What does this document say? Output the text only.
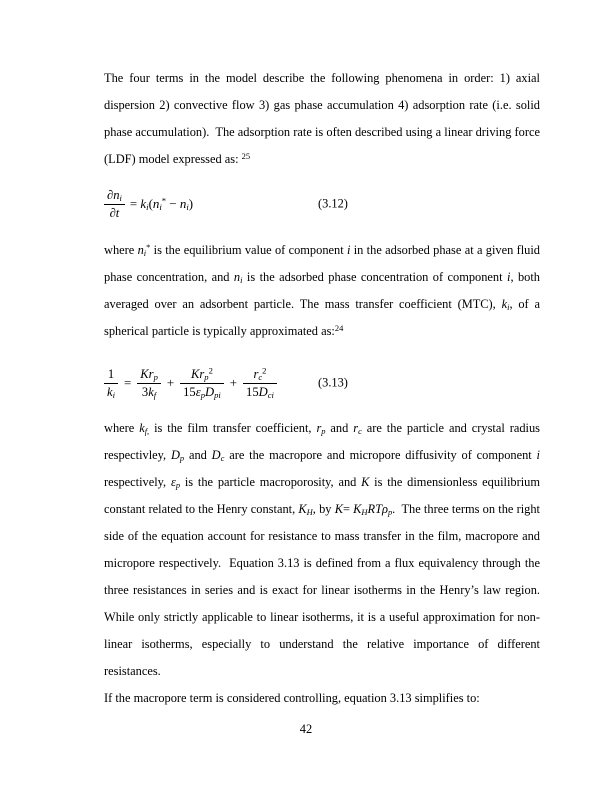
The four terms in the model describe the following phenomena in order: 1) axial
dispersion 2) convective flow 3) gas phase accumulation 4) adsorption rate (i.e. solid
phase accumulation).  The adsorption rate is often described using a linear driving force
(LDF) model expressed as: $^{25}$
$\frac{\partial n_i}{\partial t} = k_i(n_i^* - n_i)$	(3.12)
where $n_i^*$ is the equilibrium value of component i in the adsorbed phase at a given fluid
phase concentration, and $n_i$ is the adsorbed phase concentration of component i, both
averaged over an adsorbent particle. The mass transfer coefficient (MTC), $k_i$, of a
spherical particle is typically approximated as:$^{24}$
$\frac{1}{k_i} = \frac{Kr_p}{3k_f} + \frac{Kr_p^2}{15\varepsilon_pD_{pi}} + \frac{r_c^2}{15D_{ci}}$	(3.13)
where $k_{f,}$ is the film transfer coefficient, $r_p$ and $r_c$ are the particle and crystal radius
respectivley, $D_p$ and $D_c$ are the macropore and micropore diffusivity of component i
respectively, $\varepsilon_p$ is the particle macroporosity, and K is the dimensionless equilibrium
constant related to the Henry constant, $K_H$, by $K= K_HRT\rho_p$.  The three terms on the right
side of the equation account for resistance to mass transfer in the film, macropore and
micropore respectively.  Equation 3.13 is defined from a flux equivalency through the
three resistances in series and is exact for linear isotherms in the Henry’s law region.
While only strictly applicable to linear isotherms, it is a useful approximation for non-
linear isotherms, especially to understand the relative importance of different resistances.
If the macropore term is considered controlling, equation 3.13 simplifies to:
42
